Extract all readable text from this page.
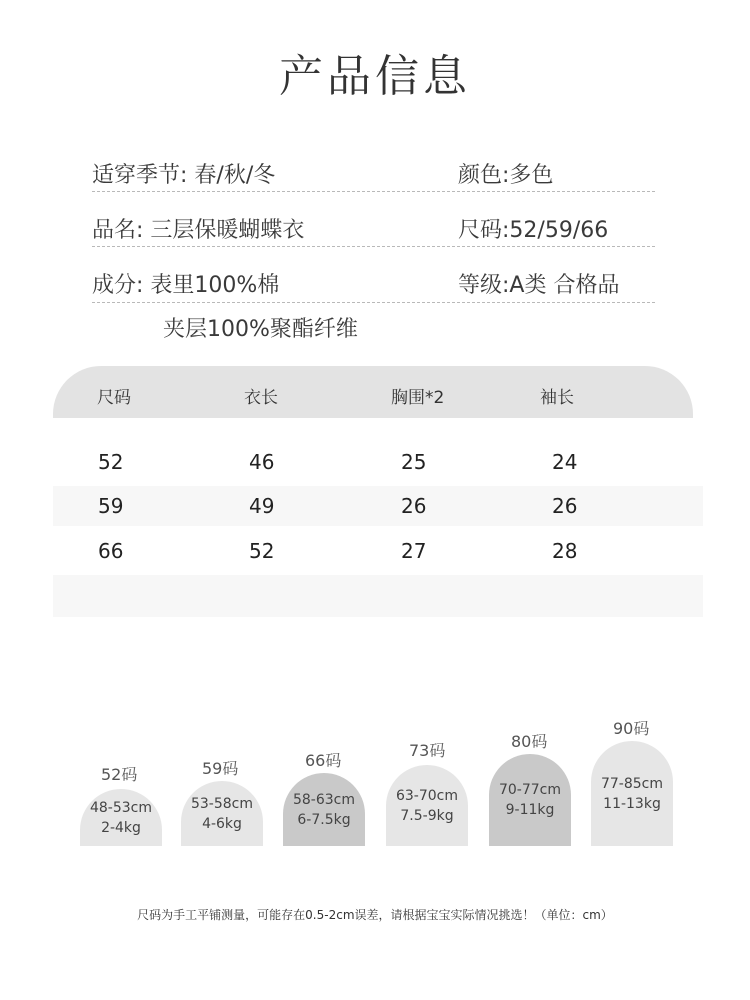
产品信息
适穿季节: 春/秋/冬	颜色:多色
品名: 三层保暖蝴蝶衣	尺码:52/59/66
成分: 表里100%棉	等级:A类 合格品
夹层100%聚酯纤维
尺码	衣长	胸围*2	袖长
52	46	25	24
59	49	26	26
66	52	27	28
52码
48-53cm
2-4kg
59码
53-58cm
4-6kg
66码
58-63cm
6-7.5kg
73码
63-70cm
7.5-9kg
80码
70-77cm
9-11kg
90码
77-85cm
11-13kg
尺码为手工平铺测量，可能存在0.5-2cm误差，请根据宝宝实际情况挑选！（单位：cm）
